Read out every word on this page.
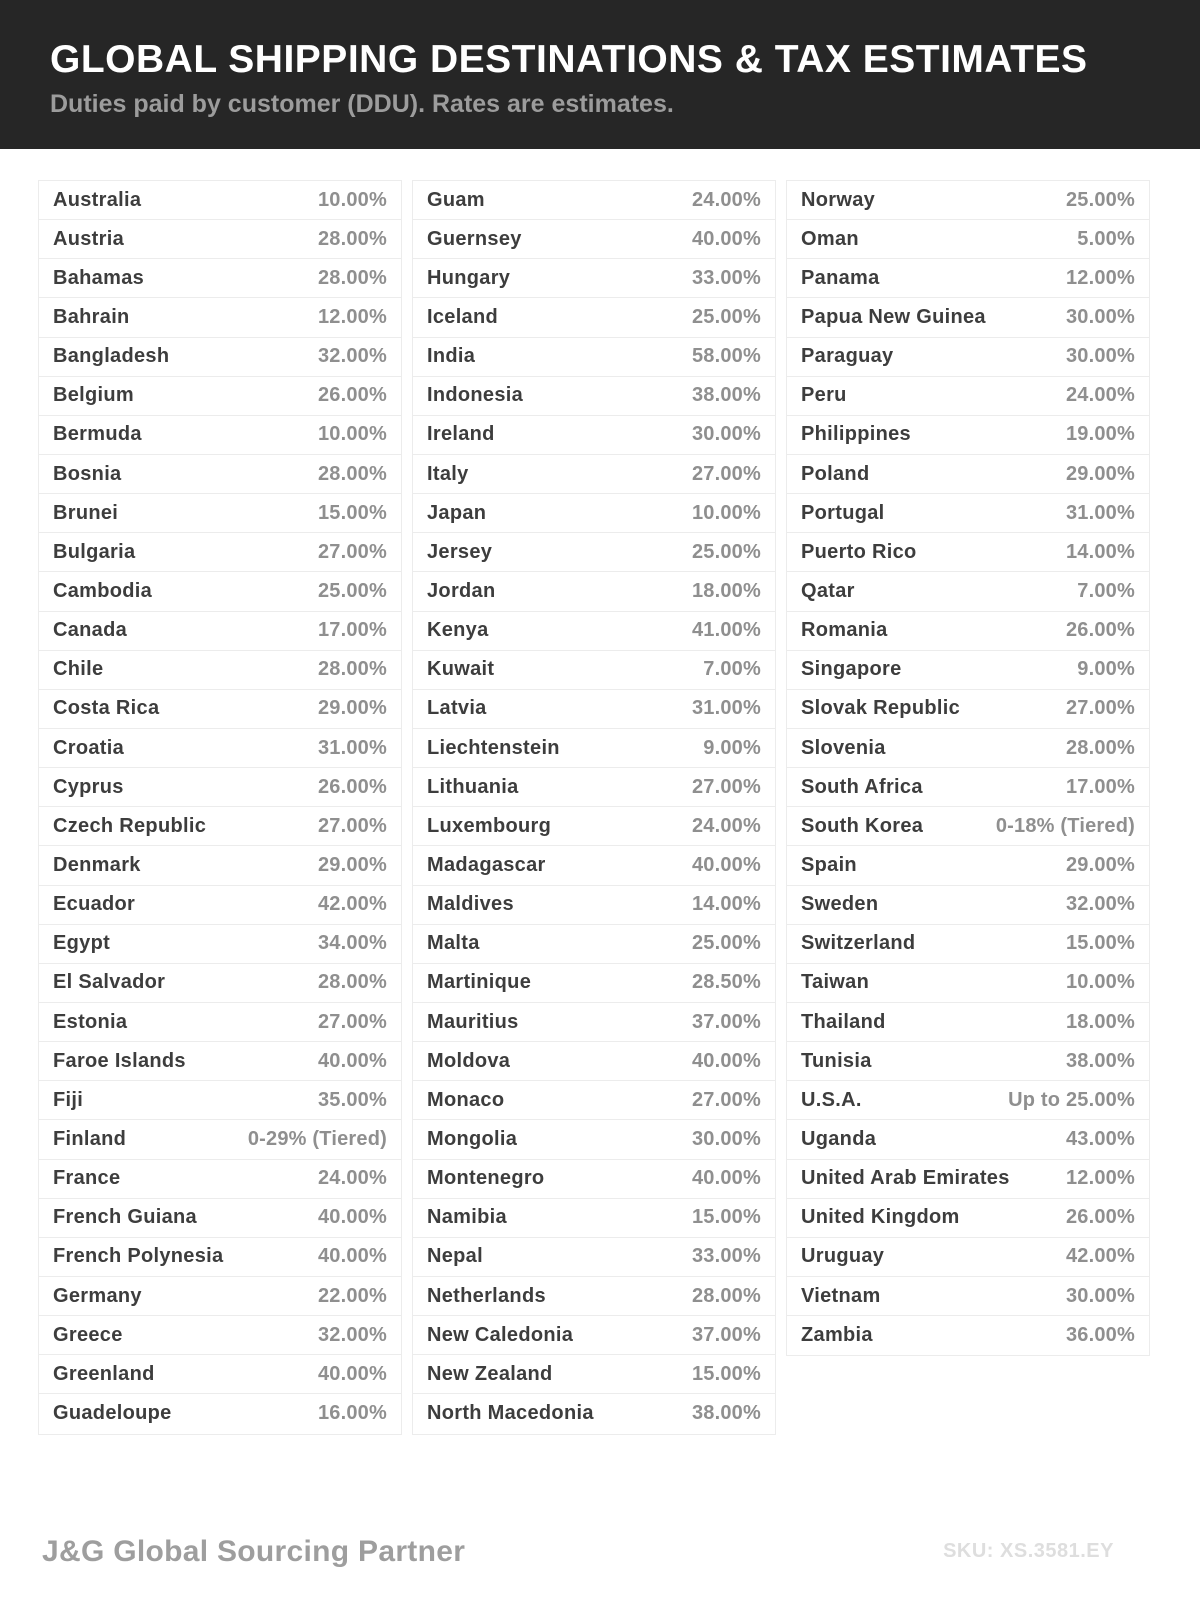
GLOBAL SHIPPING DESTINATIONS & TAX ESTIMATES
Duties paid by customer (DDU). Rates are estimates.
Australia	10.00%
Austria	28.00%
Bahamas	28.00%
Bahrain	12.00%
Bangladesh	32.00%
Belgium	26.00%
Bermuda	10.00%
Bosnia	28.00%
Brunei	15.00%
Bulgaria	27.00%
Cambodia	25.00%
Canada	17.00%
Chile	28.00%
Costa Rica	29.00%
Croatia	31.00%
Cyprus	26.00%
Czech Republic	27.00%
Denmark	29.00%
Ecuador	42.00%
Egypt	34.00%
El Salvador	28.00%
Estonia	27.00%
Faroe Islands	40.00%
Fiji	35.00%
Finland	0-29% (Tiered)
France	24.00%
French Guiana	40.00%
French Polynesia	40.00%
Germany	22.00%
Greece	32.00%
Greenland	40.00%
Guadeloupe	16.00%
Guam	24.00%
Guernsey	40.00%
Hungary	33.00%
Iceland	25.00%
India	58.00%
Indonesia	38.00%
Ireland	30.00%
Italy	27.00%
Japan	10.00%
Jersey	25.00%
Jordan	18.00%
Kenya	41.00%
Kuwait	7.00%
Latvia	31.00%
Liechtenstein	9.00%
Lithuania	27.00%
Luxembourg	24.00%
Madagascar	40.00%
Maldives	14.00%
Malta	25.00%
Martinique	28.50%
Mauritius	37.00%
Moldova	40.00%
Monaco	27.00%
Mongolia	30.00%
Montenegro	40.00%
Namibia	15.00%
Nepal	33.00%
Netherlands	28.00%
New Caledonia	37.00%
New Zealand	15.00%
North Macedonia	38.00%
Norway	25.00%
Oman	5.00%
Panama	12.00%
Papua New Guinea	30.00%
Paraguay	30.00%
Peru	24.00%
Philippines	19.00%
Poland	29.00%
Portugal	31.00%
Puerto Rico	14.00%
Qatar	7.00%
Romania	26.00%
Singapore	9.00%
Slovak Republic	27.00%
Slovenia	28.00%
South Africa	17.00%
South Korea	0-18% (Tiered)
Spain	29.00%
Sweden	32.00%
Switzerland	15.00%
Taiwan	10.00%
Thailand	18.00%
Tunisia	38.00%
U.S.A.	Up to 25.00%
Uganda	43.00%
United Arab Emirates	12.00%
United Kingdom	26.00%
Uruguay	42.00%
Vietnam	30.00%
Zambia	36.00%
J&G Global Sourcing Partner	SKU: XS.3581.EY
